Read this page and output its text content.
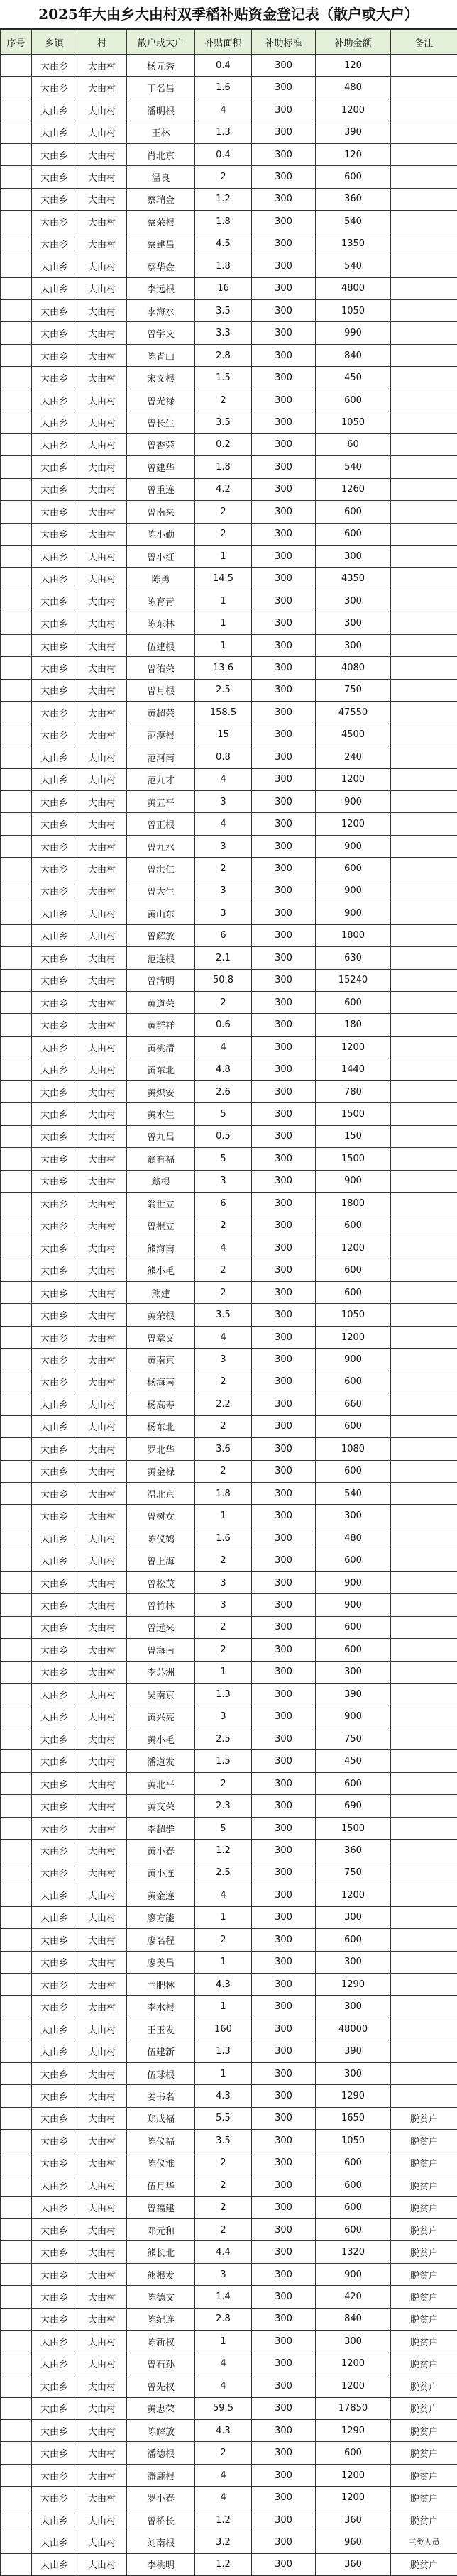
2025年大由乡大由村双季稻补贴资金登记表（散户或大户）
序号	乡镇	村	散户或大户	补贴面积	补助标准	补助金额	备注
	大由乡	大由村	杨元秀	0.4	300	120	
	大由乡	大由村	丁名昌	1.6	300	480	
	大由乡	大由村	潘明根	4	300	1200	
	大由乡	大由村	王林	1.3	300	390	
	大由乡	大由村	肖北京	0.4	300	120	
	大由乡	大由村	温良	2	300	600	
	大由乡	大由村	蔡瑞金	1.2	300	360	
	大由乡	大由村	蔡荣根	1.8	300	540	
	大由乡	大由村	蔡建昌	4.5	300	1350	
	大由乡	大由村	蔡华金	1.8	300	540	
	大由乡	大由村	李远根	16	300	4800	
	大由乡	大由村	李海水	3.5	300	1050	
	大由乡	大由村	曾学文	3.3	300	990	
	大由乡	大由村	陈青山	2.8	300	840	
	大由乡	大由村	宋义根	1.5	300	450	
	大由乡	大由村	曾光禄	2	300	600	
	大由乡	大由村	曾长生	3.5	300	1050	
	大由乡	大由村	曾香荣	0.2	300	60	
	大由乡	大由村	曾建华	1.8	300	540	
	大由乡	大由村	曾重连	4.2	300	1260	
	大由乡	大由村	曾南来	2	300	600	
	大由乡	大由村	陈小勤	2	300	600	
	大由乡	大由村	曾小红	1	300	300	
	大由乡	大由村	陈勇	14.5	300	4350	
	大由乡	大由村	陈育青	1	300	300	
	大由乡	大由村	陈东林	1	300	300	
	大由乡	大由村	伍建根	1	300	300	
	大由乡	大由村	曾佑荣	13.6	300	4080	
	大由乡	大由村	曾月根	2.5	300	750	
	大由乡	大由村	黄超荣	158.5	300	47550	
	大由乡	大由村	范漠根	15	300	4500	
	大由乡	大由村	范河南	0.8	300	240	
	大由乡	大由村	范九才	4	300	1200	
	大由乡	大由村	黄五平	3	300	900	
	大由乡	大由村	曾正根	4	300	1200	
	大由乡	大由村	曾九水	3	300	900	
	大由乡	大由村	曾洪仁	2	300	600	
	大由乡	大由村	曾大生	3	300	900	
	大由乡	大由村	黄山东	3	300	900	
	大由乡	大由村	曾解放	6	300	1800	
	大由乡	大由村	范连根	2.1	300	630	
	大由乡	大由村	曾清明	50.8	300	15240	
	大由乡	大由村	黄道荣	2	300	600	
	大由乡	大由村	黄群祥	0.6	300	180	
	大由乡	大由村	黄桃清	4	300	1200	
	大由乡	大由村	黄东北	4.8	300	1440	
	大由乡	大由村	黄炽安	2.6	300	780	
	大由乡	大由村	黄水生	5	300	1500	
	大由乡	大由村	曾九昌	0.5	300	150	
	大由乡	大由村	翁有福	5	300	1500	
	大由乡	大由村	翁根	3	300	900	
	大由乡	大由村	翁世立	6	300	1800	
	大由乡	大由村	曾根立	2	300	600	
	大由乡	大由村	熊海南	4	300	1200	
	大由乡	大由村	熊小毛	2	300	600	
	大由乡	大由村	熊建	2	300	600	
	大由乡	大由村	黄荣根	3.5	300	1050	
	大由乡	大由村	曾章义	4	300	1200	
	大由乡	大由村	黄南京	3	300	900	
	大由乡	大由村	杨海南	2	300	600	
	大由乡	大由村	杨高寿	2.2	300	660	
	大由乡	大由村	杨东北	2	300	600	
	大由乡	大由村	罗北华	3.6	300	1080	
	大由乡	大由村	黄金禄	2	300	600	
	大由乡	大由村	温北京	1.8	300	540	
	大由乡	大由村	曾树女	1	300	300	
	大由乡	大由村	陈仪鹤	1.6	300	480	
	大由乡	大由村	曾上海	2	300	600	
	大由乡	大由村	曾松茂	3	300	900	
	大由乡	大由村	曾竹林	3	300	900	
	大由乡	大由村	曾远来	2	300	600	
	大由乡	大由村	曾海南	2	300	600	
	大由乡	大由村	李苏洲	1	300	300	
	大由乡	大由村	吴南京	1.3	300	390	
	大由乡	大由村	黄兴亮	3	300	900	
	大由乡	大由村	黄小毛	2.5	300	750	
	大由乡	大由村	潘道发	1.5	300	450	
	大由乡	大由村	黄北平	2	300	600	
	大由乡	大由村	黄文荣	2.3	300	690	
	大由乡	大由村	李超群	5	300	1500	
	大由乡	大由村	黄小春	1.2	300	360	
	大由乡	大由村	黄小连	2.5	300	750	
	大由乡	大由村	黄金连	4	300	1200	
	大由乡	大由村	廖方能	1	300	300	
	大由乡	大由村	廖名程	2	300	600	
	大由乡	大由村	廖美昌	1	300	300	
	大由乡	大由村	兰肥林	4.3	300	1290	
	大由乡	大由村	李水根	1	300	300	
	大由乡	大由村	王玉发	160	300	48000	
	大由乡	大由村	伍建新	1.3	300	390	
	大由乡	大由村	伍球根	1	300	300	
	大由乡	大由村	姜书名	4.3	300	1290	
	大由乡	大由村	郑成福	5.5	300	1650	脱贫户
	大由乡	大由村	陈仪福	3.5	300	1050	脱贫户
	大由乡	大由村	陈仪淮	2	300	600	脱贫户
	大由乡	大由村	伍月华	2	300	600	脱贫户
	大由乡	大由村	曾福建	2	300	600	脱贫户
	大由乡	大由村	邓元和	2	300	600	脱贫户
	大由乡	大由村	熊长北	4.4	300	1320	脱贫户
	大由乡	大由村	熊根发	3	300	900	脱贫户
	大由乡	大由村	陈德文	1.4	300	420	脱贫户
	大由乡	大由村	陈纪连	2.8	300	840	脱贫户
	大由乡	大由村	陈新权	1	300	300	脱贫户
	大由乡	大由村	曾石孙	4	300	1200	脱贫户
	大由乡	大由村	曾先权	4	300	1200	脱贫户
	大由乡	大由村	黄忠荣	59.5	300	17850	脱贫户
	大由乡	大由村	陈解放	4.3	300	1290	脱贫户
	大由乡	大由村	潘德根	2	300	600	脱贫户
	大由乡	大由村	潘鹿根	4	300	1200	脱贫户
	大由乡	大由村	罗小春	4	300	1200	脱贫户
	大由乡	大由村	曾桥长	1.2	300	360	脱贫户
	大由乡	大由村	刘南根	3.2	300	960	三类人员
	大由乡	大由村	李桃明	1.2	300	360	脱贫户
